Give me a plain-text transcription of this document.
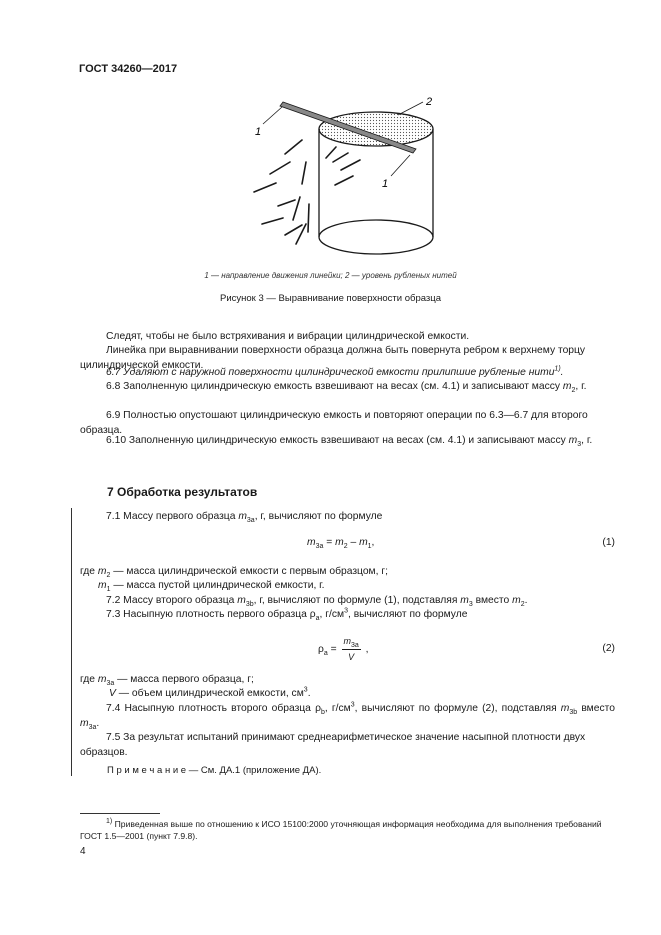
ГОСТ 34260—2017
1
2
1
1 — направление движения линейки; 2 — уровень рубленых нитей
Рисунок 3 — Выравнивание поверхности образца
Следят, чтобы не было встряхивания и вибрации цилиндрической емкости.
Линейка при выравнивании поверхности образца должна быть повернута ребром к верхнему торцу цилиндрической емкости.
6.7 Удаляют с наружной поверхности цилиндрической емкости прилипшие рубленые нити$^{1)}$.
6.8 Заполненную цилиндрическую емкость взвешивают на весах (см. 4.1) и записывают массу $m_2$, г.
6.9 Полностью опустошают цилиндрическую емкость и повторяют операции по 6.3—6.7 для второго образца.
6.10 Заполненную цилиндрическую емкость взвешивают на весах (см. 4.1) и записывают массу $m_3$, г.
7 Обработка результатов
7.1 Массу первого образца $m_{3a}$, г, вычисляют по формуле
$m_{3a} = m_2 - m_1$,	(1)
где $m_2$ — масса цилиндрической емкости с первым образцом, г;
$m_1$ — масса пустой цилиндрической емкости, г.
7.2 Массу второго образца $m_{3b}$, г, вычисляют по формуле (1), подставляя $m_3$ вместо $m_2$.
7.3 Насыпную плотность первого образца $\rho_a$, $г/см^3$, вычисляют по формуле
$\rho_a = \frac{m_{3a}}{V}$ ,	(2)
где $m_{3a}$ — масса первого образца, г;
V — объем цилиндрической емкости, $см^3$.
7.4 Насыпную плотность второго образца $\rho_b$, $г/см^3$, вычисляют по формуле (2), подставляя $m_{3b}$ вместо $m_{3a}$.
7.5 За результат испытаний принимают среднеарифметическое значение насыпной плотности двух образцов.
П р и м е ч а н и е — См. ДА.1 (приложение ДА).
$^{1)}$ Приведенная выше по отношению к ИСО 15100:2000 уточняющая информация необходима для выполнения требований ГОСТ 1.5—2001 (пункт 7.9.8).
4
